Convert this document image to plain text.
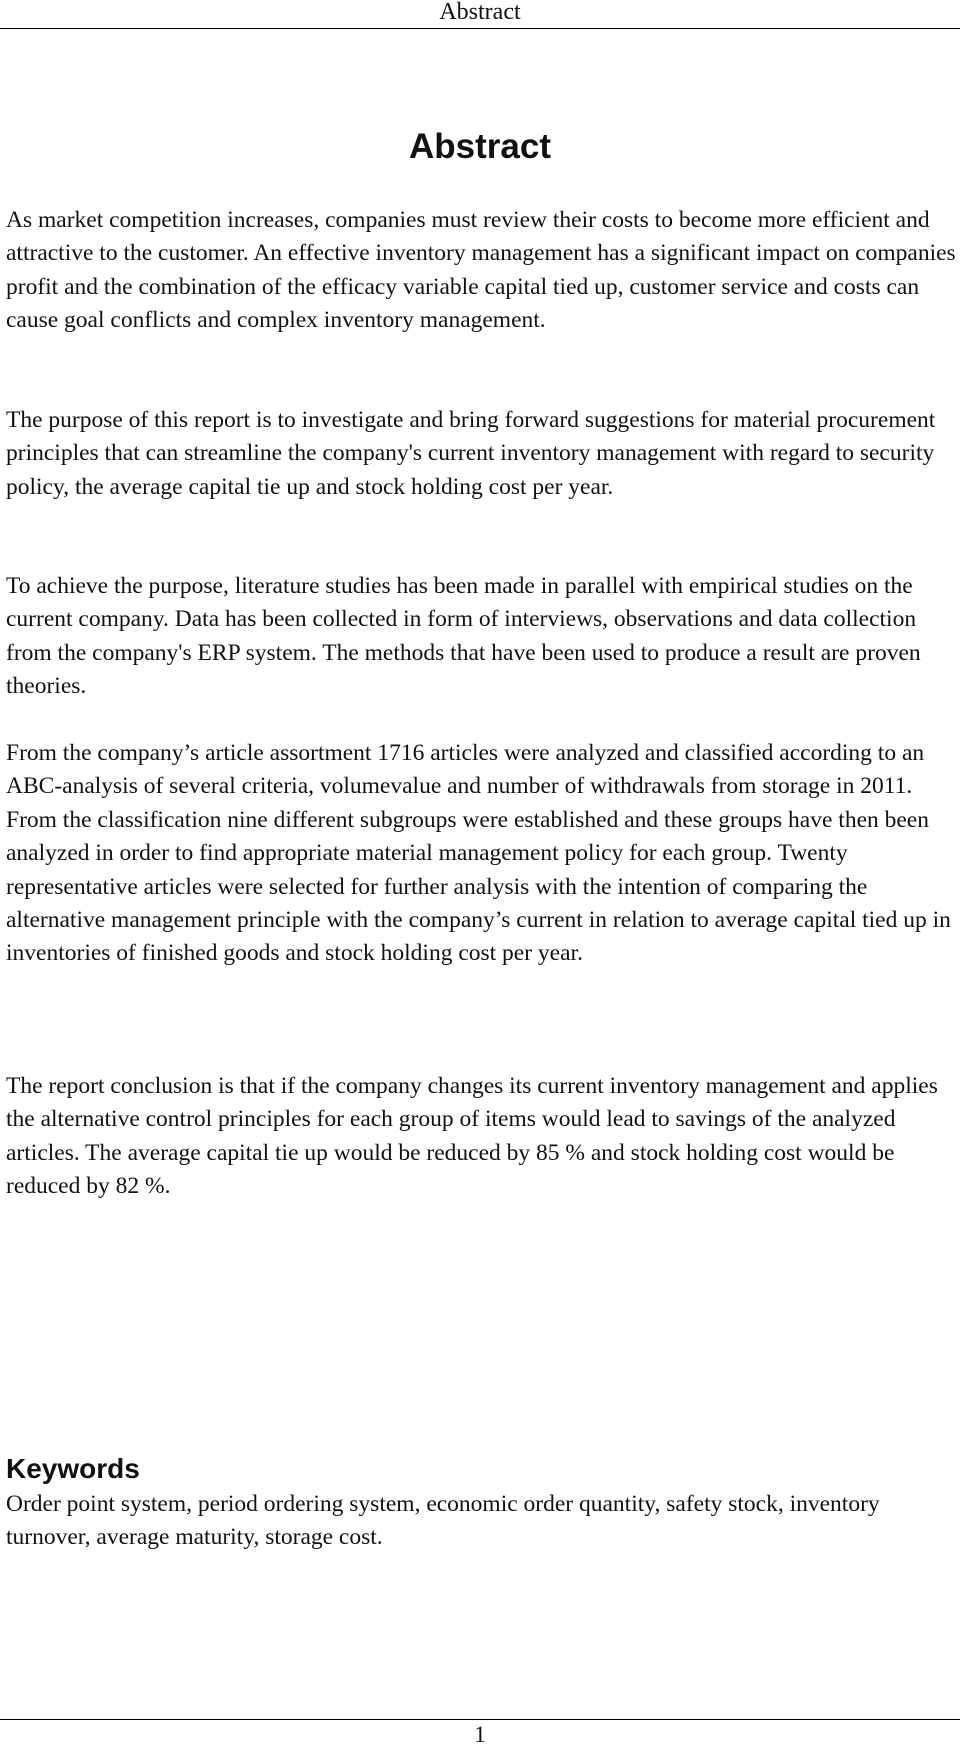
Abstract
Abstract

As market competition increases, companies must review their costs to become more efficient and attractive to the customer. An effective inventory management has a significant impact on companies profit and the combination of the efficacy variable capital tied up, customer service and costs can cause goal conflicts and complex inventory management.

The purpose of this report is to investigate and bring forward suggestions for material procurement principles that can streamline the company's current inventory management with regard to security policy, the average capital tie up and stock holding cost per year.

To achieve the purpose, literature studies has been made in parallel with empirical studies on the current company. Data has been collected in form of interviews, observations and data collection from the company's ERP system. The methods that have been used to produce a result are proven theories.

From the company’s article assortment 1716 articles were analyzed and classified according to an ABC-analysis of several criteria, volumevalue and number of withdrawals from storage in 2011. From the classification nine different subgroups were established and these groups have then been analyzed in order to find appropriate material management policy for each group. Twenty representative articles were selected for further analysis with the intention of comparing the alternative management principle with the company’s current in relation to average capital tied up in inventories of finished goods and stock holding cost per year.

The report conclusion is that if the company changes its current inventory management and applies the alternative control principles for each group of items would lead to savings of the analyzed articles. The average capital tie up would be reduced by 85 % and stock holding cost would be reduced by 82 %.

Keywords

Order point system, period ordering system, economic order quantity, safety stock, inventory turnover, average maturity, storage cost.

1
